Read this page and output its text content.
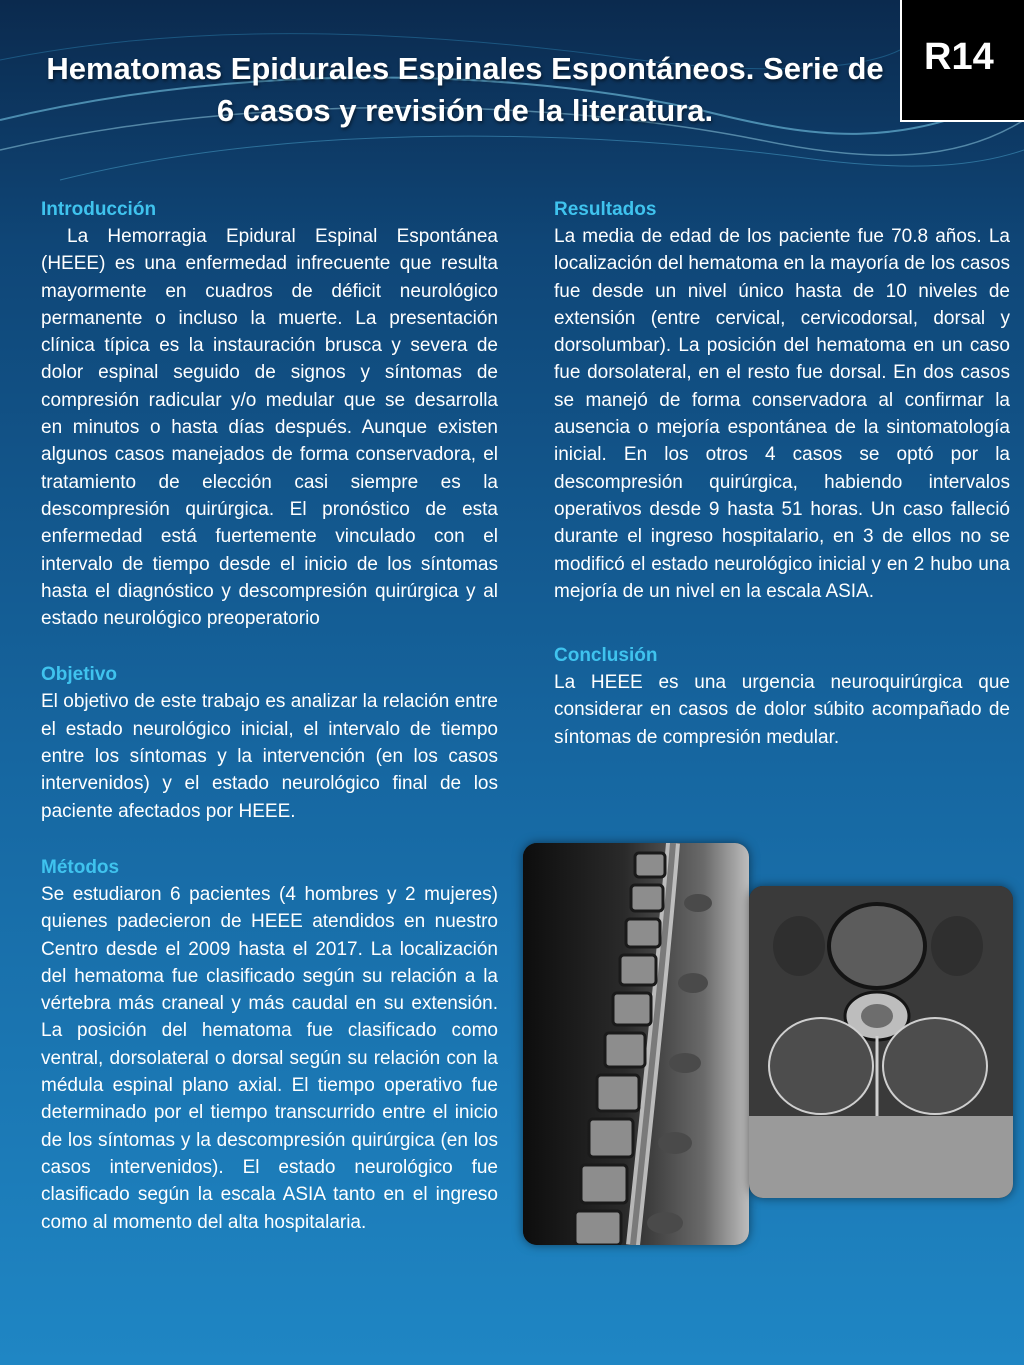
Hematomas Epidurales Espinales Espontáneos. Serie de 6 casos y revisión de la literatura.
R14

Introducción

La Hemorragia Epidural Espinal Espontánea (HEEE) es una enfermedad infrecuente que resulta mayormente en cuadros de déficit neurológico permanente o incluso la muerte. La presentación clínica típica es la instauración brusca y severa de dolor espinal seguido de signos y síntomas de compresión radicular y/o medular que se desarrolla en minutos o hasta días después. Aunque existen algunos casos manejados de forma conservadora, el tratamiento de elección casi siempre es la descompresión quirúrgica. El pronóstico de esta enfermedad está fuertemente vinculado con el intervalo de tiempo desde el inicio de los síntomas hasta el diagnóstico y descompresión quirúrgica y al estado neurológico preoperatorio

Objetivo

El objetivo de este trabajo es analizar la relación entre el estado neurológico inicial, el intervalo de tiempo entre los síntomas y la intervención (en los casos intervenidos) y el estado neurológico final de los paciente afectados por HEEE.

Métodos

Se estudiaron 6 pacientes (4 hombres y 2 mujeres) quienes padecieron de HEEE atendidos en nuestro Centro desde el 2009 hasta el 2017. La localización del hematoma fue clasificado según su relación a la vértebra más craneal y más caudal en su extensión. La posición del hematoma fue clasificado como ventral, dorsolateral o dorsal según su relación con la médula espinal plano axial. El tiempo operativo fue determinado por el tiempo transcurrido entre el inicio de los síntomas y la descompresión quirúrgica (en los casos intervenidos). El estado neurológico fue clasificado según la escala ASIA tanto en el ingreso como al momento del alta hospitalaria.

Resultados

La media de edad de los paciente fue 70.8 años. La localización del hematoma en la mayoría de los casos fue desde un nivel único hasta de 10 niveles de extensión (entre cervical, cervicodorsal, dorsal y dorsolumbar). La posición del hematoma en un caso fue dorsolateral, en el resto fue dorsal. En dos casos se manejó de forma conservadora al confirmar la ausencia o mejoría espontánea de la sintomatología inicial. En los otros 4 casos se optó por la descompresión quirúrgica, habiendo intervalos operativos desde 9 hasta 51 horas. Un caso falleció durante el ingreso hospitalario, en 3 de ellos no se modificó el estado neurológico inicial y en 2 hubo una mejoría de un nivel en la escala ASIA.

Conclusión

La HEEE es una urgencia neuroquirúrgica que considerar en casos de dolor súbito acompañado de síntomas de compresión medular.
